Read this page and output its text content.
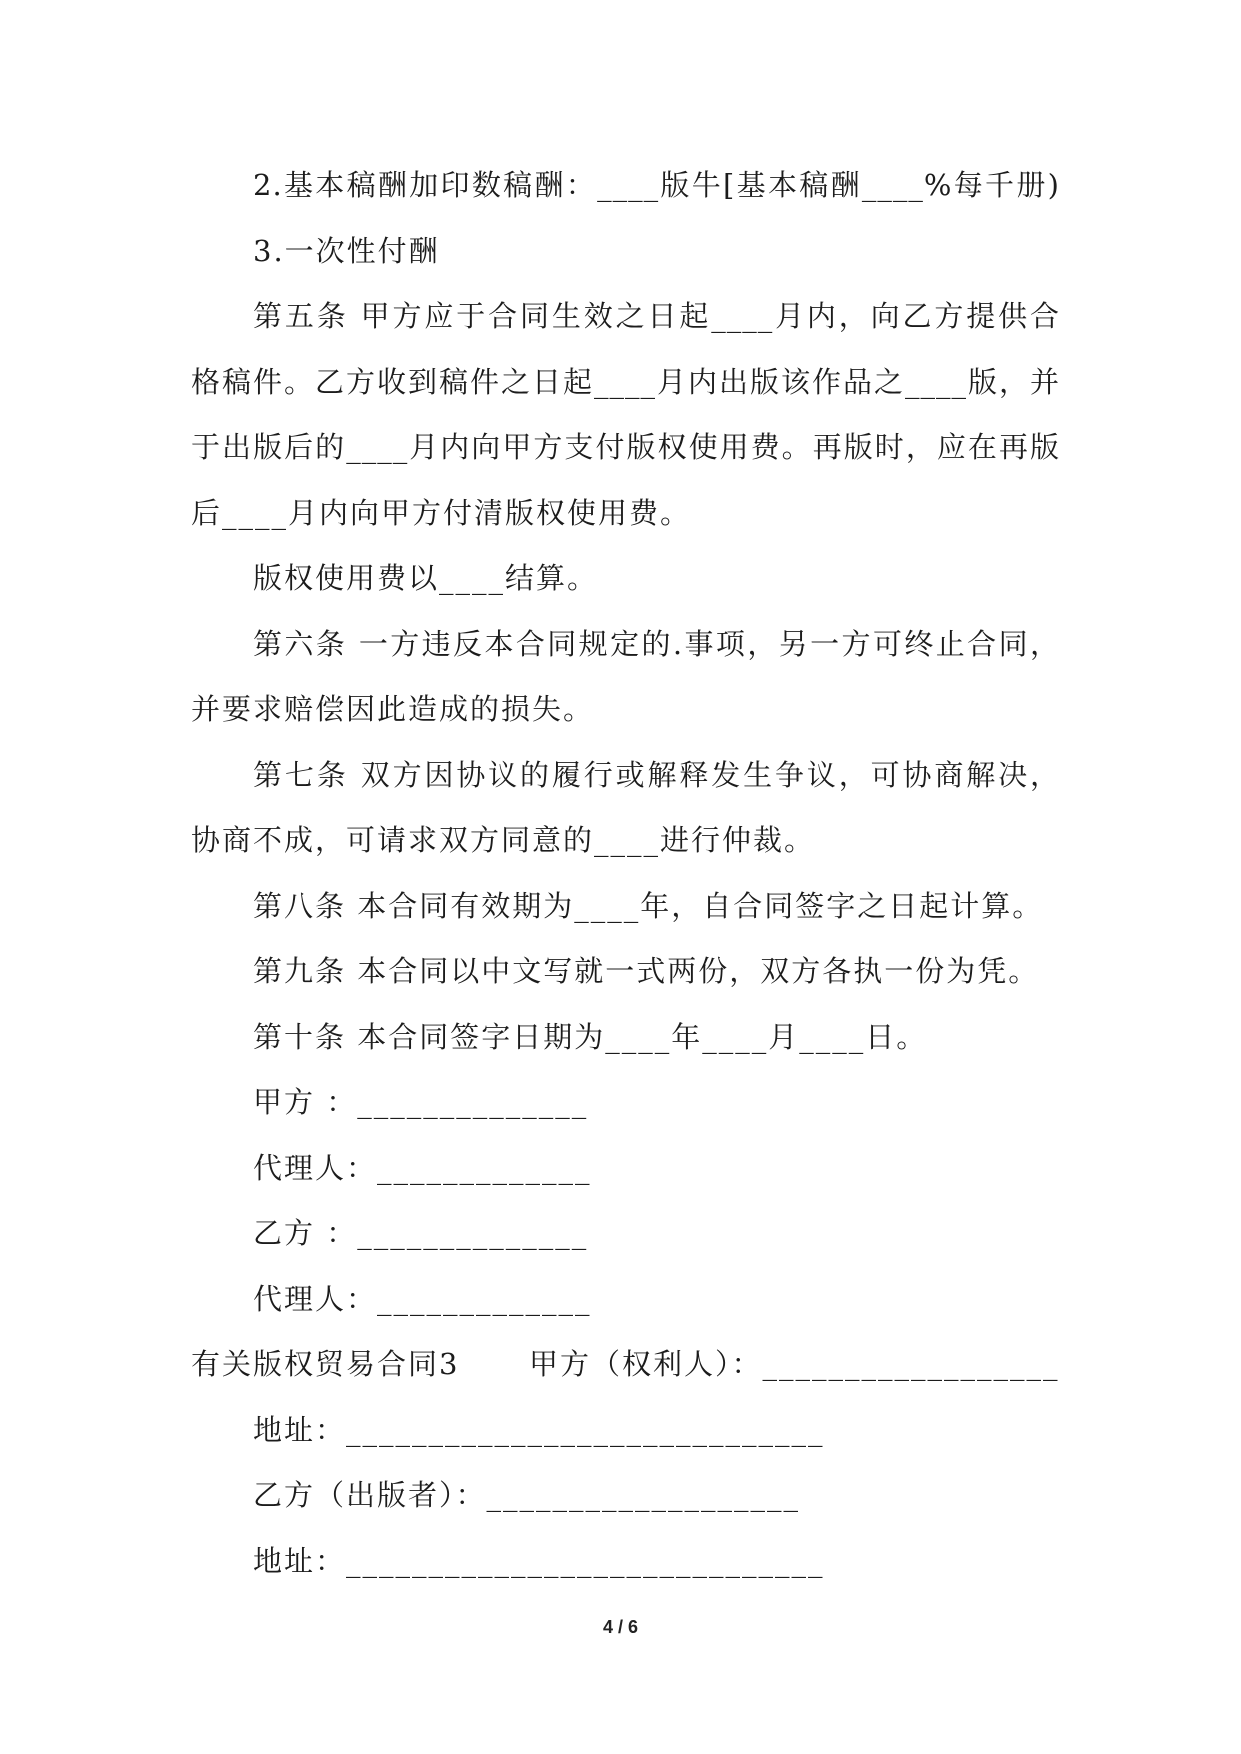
2.基本稿酬加印数稿酬：____版牛[基本稿酬____%每千册)
3.一次性付酬
第五条 甲方应于合同生效之日起____月内，向乙方提供合
格稿件。乙方收到稿件之日起____月内出版该作品之____版，并
于出版后的____月内向甲方支付版权使用费。再版时，应在再版
后____月内向甲方付清版权使用费。
版权使用费以____结算。
第六条 一方违反本合同规定的.事项，另一方可终止合同，
并要求赔偿因此造成的损失。
第七条 双方因协议的履行或解释发生争议，可协商解决，
协商不成，可请求双方同意的____进行仲裁。
第八条 本合同有效期为____年，自合同签字之日起计算。
第九条 本合同以中文写就一式两份，双方各执一份为凭。
第十条 本合同签字日期为____年____月____日。
甲方 ：______________
代理人：_____________
乙方 ：______________
代理人：_____________
有关版权贸易合同3 甲方（权利人）：__________________
地址：_____________________________
乙方（出版者）：___________________
地址：_____________________________
4 / 6
